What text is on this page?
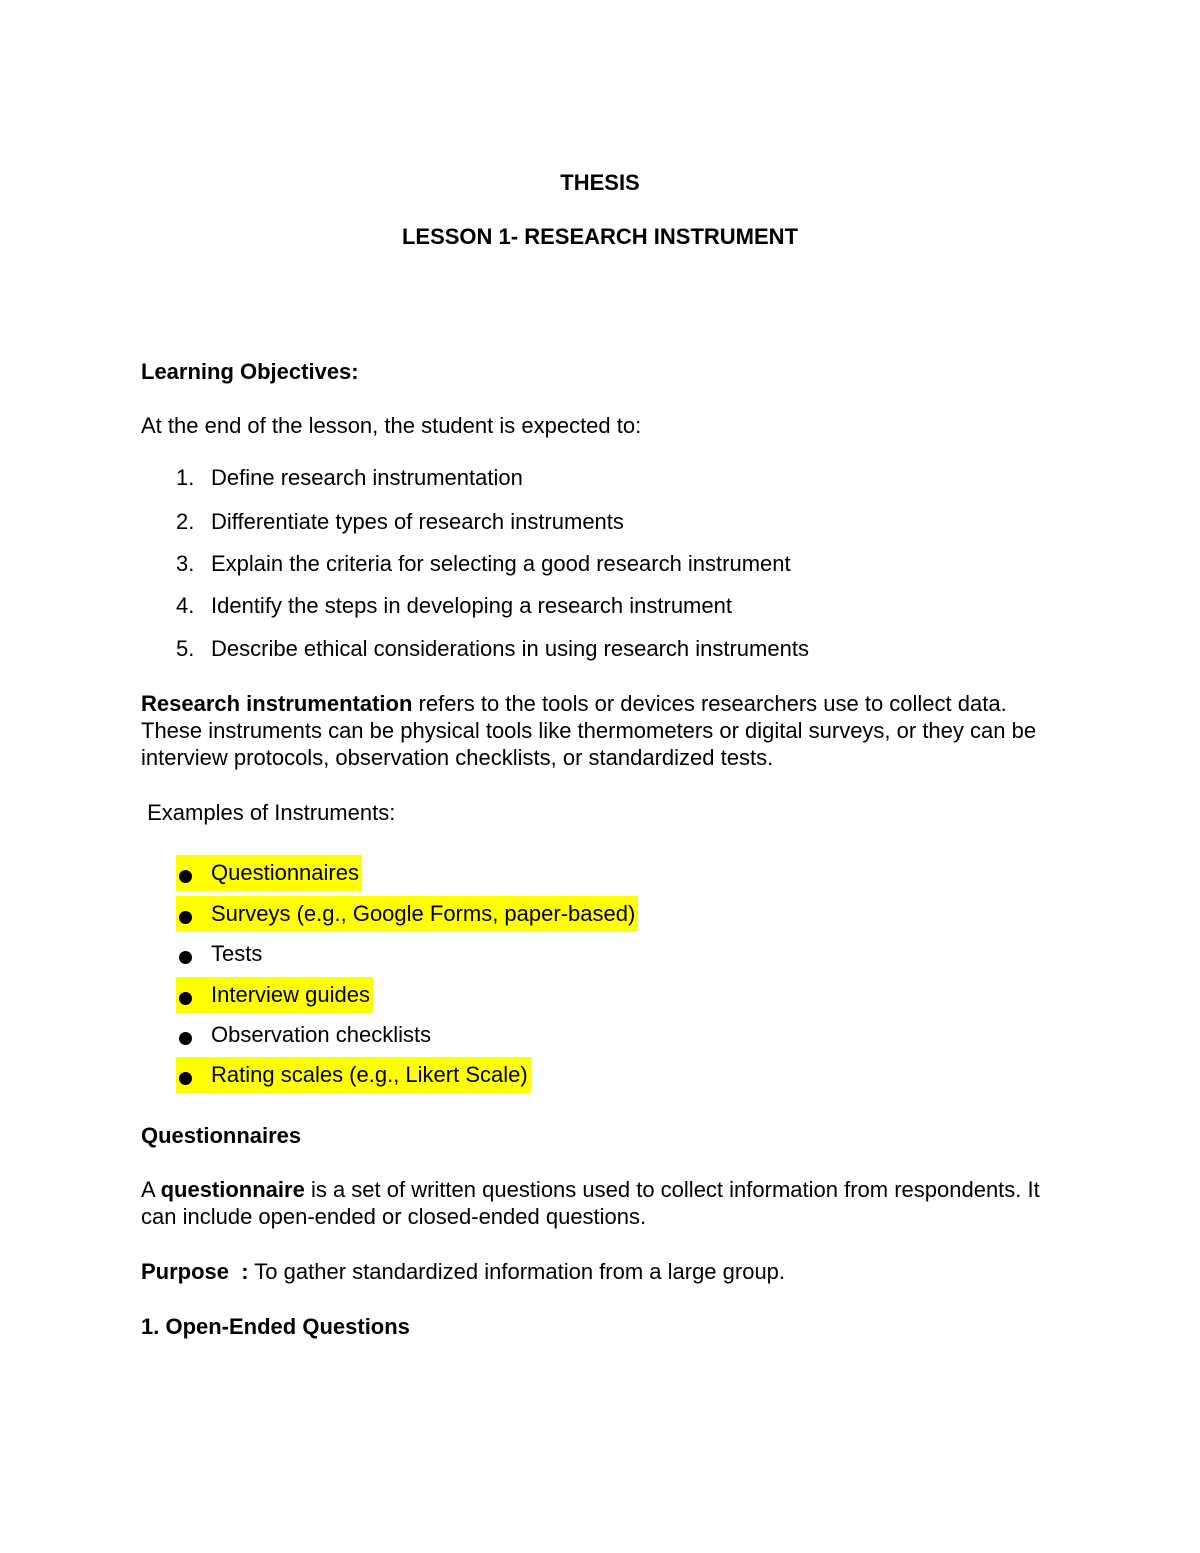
THESIS
LESSON 1- RESEARCH INSTRUMENT
Learning Objectives:
At the end of the lesson, the student is expected to:
1. Define research instrumentation
2. Differentiate types of research instruments
3. Explain the criteria for selecting a good research instrument
4. Identify the steps in developing a research instrument
5. Describe ethical considerations in using research instruments
Research instrumentation refers to the tools or devices researchers use to collect data. These instruments can be physical tools like thermometers or digital surveys, or they can be interview protocols, observation checklists, or standardized tests.
Examples of Instruments:
Questionnaires
Surveys (e.g., Google Forms, paper-based)
Tests
Interview guides
Observation checklists
Rating scales (e.g., Likert Scale)
Questionnaires
A questionnaire is a set of written questions used to collect information from respondents. It can include open-ended or closed-ended questions.
Purpose  : To gather standardized information from a large group.
1. Open-Ended Questions
